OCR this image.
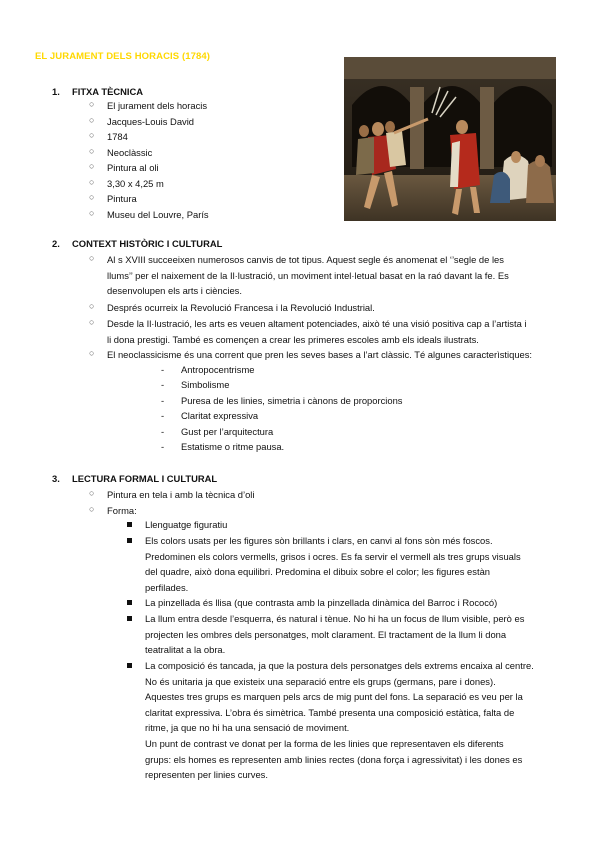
EL JURAMENT DELS HORACIS (1784)
1. FITXA TÈCNICA
○ El jurament dels horacis
○ Jacques-Louis David
○ 1784
○ Neoclàssic
○ Pintura al oli
○ 3,30 x 4,25 m
○ Pintura
○ Museu del Louvre, París
2. CONTEXT HISTÒRIC I CULTURAL
○ Al s XVIII succeeixen numerosos canvis de tot tipus. Aquest segle és anomenat el ‘’segle de les

llums’’ per el naixement de la Il·lustració, un moviment intel·letual basat en la raó davant la fe. Es

desenvolupen els arts i ciències.

○ Després ocurreix la Revolució Francesa i la Revolució Industrial.

○ Desde la Il·lustració, les arts es veuen altament potenciades, això té una visió positiva cap a l’artista i

li dona prestigi. També es començen a crear les primeres escoles amb els ideals ilustrats.

○ El neoclassicisme és una corrent que pren les seves bases a l’art clàssic. Té algunes caracterìstiques:

- Antropocentrisme
- Simbolisme
- Puresa de les linies, simetria i cànons de proporcions
- Claritat expressiva
- Gust per l’arquitectura
- Estatisme o ritme pausa.
3. LECTURA FORMAL I CULTURAL
○ Pintura en tela i amb la tècnica d’oli
○ Forma:

Llenguatge figuratiu

Els colors usats per les figures sòn brillants i clars, en canvi al fons sòn més foscos.

Predominen els colors vermells, grisos i ocres. Es fa servir el vermell als tres grups visuals

del quadre, això dona equilibri. Predomina el dibuix sobre el color; les figures estàn

perfilades.

La pinzellada és llisa (que contrasta amb la pinzellada dinàmica del Barroc i Rococó)

La llum entra desde l’esquerra, és natural i tènue. No hi ha un focus de llum visible, però es

projecten les ombres dels personatges, molt clarament. El tractament de la llum li dona

teatralitat a la obra.

La composició és tancada, ja que la postura dels personatges dels extrems encaixa al centre.

No és unitaria ja que existeix una separació entre els grups (germans, pare i dones).

Aquestes tres grups es marquen pels arcs de mig punt del fons. La separació es veu per la

claritat expressiva. L’obra és simètrica. També presenta una composició estàtica, falta de

ritme, ja que no hi ha una sensació de moviment.

Un punt de contrast ve donat per la forma de les linies que representaven els diferents

grups: els homes es representen amb linies rectes (dona força i agressivitat) i les dones es

representen per linies curves.
